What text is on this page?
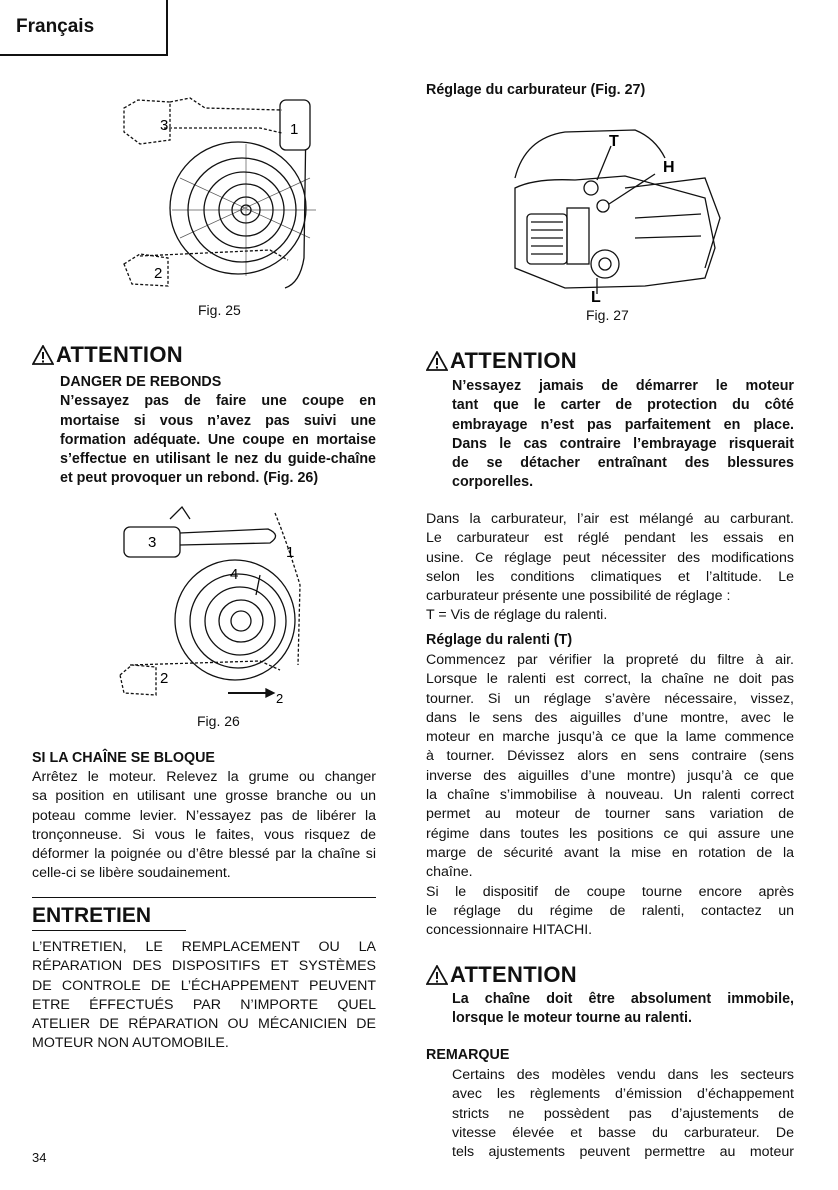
Français
3	1
2
Fig. 25
ATTENTION
DANGER DE REBONDS
N’essayez pas de faire une coupe en
mortaise si vous n’avez pas suivi une
formation adéquate. Une coupe en mortaise
s’effectue en utilisant le nez du guide-chaîne
et peut provoquer un rebond. (Fig. 26)
3
1
4
2
2
Fig. 26
SI LA CHAÎNE SE BLOQUE
Arrêtez le moteur. Relevez la grume ou changer
sa position en utilisant une grosse branche ou un
poteau comme levier. N’essayez pas de libérer la
tronçonneuse. Si vous le faites, vous risquez de
déformer la poignée ou d’être blessé par la chaîne si
celle-ci se libère soudainement.
ENTRETIEN
L’ENTRETIEN, LE REMPLACEMENT OU LA
RÉPARATION DES DISPOSITIFS ET SYSTÈMES
DE CONTROLE DE L’ÉCHAPPEMENT PEUVENT
ETRE ÉFFECTUÉS PAR N’IMPORTE QUEL
ATELIER DE RÉPARATION OU MÉCANICIEN DE
MOTEUR NON AUTOMOBILE.
34
Réglage du carburateur (Fig. 27)
T
H
L
Fig. 27
ATTENTION
N’essayez jamais de démarrer le moteur
tant que le carter de protection du côté
embrayage n’est pas parfaitement en place.
Dans le cas contraire l’embrayage risquerait
de se détacher entraînant des blessures
corporelles.
Dans la carburateur, l’air est mélangé au carburant.
Le carburateur est réglé pendant les essais en
usine. Ce réglage peut nécessiter des modifications
selon les conditions climatiques et l’altitude. Le
carburateur présente une possibilité de réglage :
T = Vis de réglage du ralenti.
Réglage du ralenti (T)
Commencez par vérifier la propreté du filtre à air.
Lorsque le ralenti est correct, la chaîne ne doit pas
tourner. Si un réglage s’avère nécessaire, vissez,
dans le sens des aiguilles d’une montre, avec le
moteur en marche jusqu’à ce que la lame commence
à tourner. Dévissez alors en sens contraire (sens
inverse des aiguilles d’une montre) jusqu’à ce que
la chaîne s’immobilise à nouveau. Un ralenti correct
permet au moteur de tourner sans variation de
régime dans toutes les positions ce qui assure une
marge de sécurité avant la mise en rotation de la
chaîne.
Si le dispositif de coupe tourne encore après
le réglage du régime de ralenti, contactez un
concessionnaire HITACHI.
ATTENTION
La chaîne doit être absolument immobile,
lorsque le moteur tourne au ralenti.
REMARQUE
Certains des modèles vendu dans les secteurs
avec les règlements d’émission d’échappement
stricts ne possèdent pas d’ajustements de
vitesse élevée et basse du carburateur. De
tels ajustements peuvent permettre au moteur
